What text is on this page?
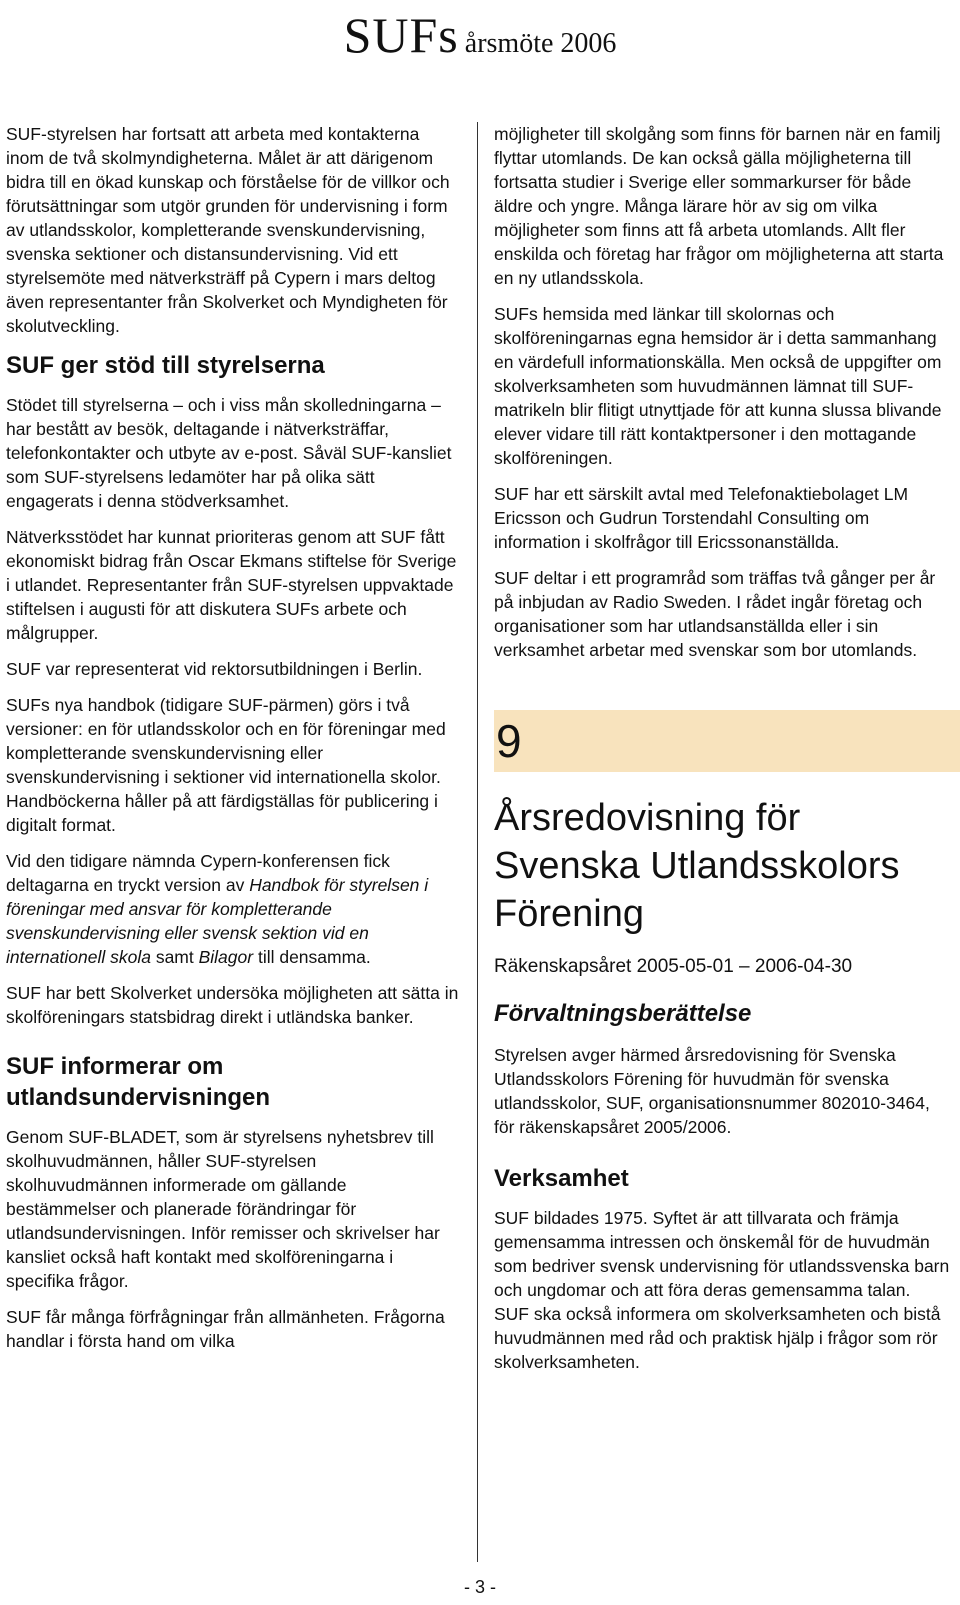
SUFs årsmöte 2006

SUF-styrelsen har fortsatt att arbeta med kontakterna inom de två skolmyndigheterna. Målet är att därigenom bidra till en ökad kunskap och förståelse för de villkor och förutsättningar som utgör grunden för undervisning i form av utlandsskolor, kompletterande svenskundervisning, svenska sektioner och distansundervisning. Vid ett styrelsemöte med nätverksträff på Cypern i mars deltog även representanter från Skolverket och Myndigheten för skolutveckling.

SUF ger stöd till styrelserna

Stödet till styrelserna – och i viss mån skolledningarna – har bestått av besök, deltagande i nätverksträffar, telefonkontakter och utbyte av e-post. Såväl SUF-kansliet som SUF-styrelsens ledamöter har på olika sätt engagerats i denna stödverksamhet.

Nätverksstödet har kunnat prioriteras genom att SUF fått ekonomiskt bidrag från Oscar Ekmans stiftelse för Sverige i utlandet. Representanter från SUF-styrelsen uppvaktade stiftelsen i augusti för att diskutera SUFs arbete och målgrupper.

SUF var representerat vid rektorsutbildningen i Berlin.

SUFs nya handbok (tidigare SUF-pärmen) görs i två versioner: en för utlandsskolor och en för föreningar med kompletterande svenskundervisning eller svenskundervisning i sektioner vid internationella skolor. Handböckerna håller på att färdigställas för publicering i digitalt format.

Vid den tidigare nämnda Cypern-konferensen fick deltagarna en tryckt version av Handbok för styrelsen i föreningar med ansvar för kompletterande svenskundervisning eller svensk sektion vid en internationell skola samt Bilagor till densamma.

SUF har bett Skolverket undersöka möjligheten att sätta in skolföreningars statsbidrag direkt i utländska banker.

SUF informerar om utlandsundervisningen

Genom SUF-BLADET, som är styrelsens nyhetsbrev till skolhuvudmännen, håller SUF-styrelsen skolhuvudmännen informerade om gällande bestämmelser och planerade förändringar för utlandsundervisningen. Inför remisser och skrivelser har kansliet också haft kontakt med skolföreningarna i specifika frågor.

SUF får många förfrågningar från allmänheten. Frågorna handlar i första hand om vilka

möjligheter till skolgång som finns för barnen när en familj flyttar utomlands. De kan också gälla möjligheterna till fortsatta studier i Sverige eller sommarkurser för både äldre och yngre. Många lärare hör av sig om vilka möjligheter som finns att få arbeta utomlands. Allt fler enskilda och företag har frågor om möjligheterna att starta en ny utlandsskola.

SUFs hemsida med länkar till skolornas och skolföreningarnas egna hemsidor är i detta sammanhang en värdefull informationskälla. Men också de uppgifter om skolverksamheten som huvudmännen lämnat till SUF-matrikeln blir flitigt utnyttjade för att kunna slussa blivande elever vidare till rätt kontaktpersoner i den mottagande skolföreningen.

SUF har ett särskilt avtal med Telefonaktiebolaget LM Ericsson och Gudrun Torstendahl Consulting om information i skolfrågor till Ericssonanställda.

SUF deltar i ett programråd som träffas två gånger per år på inbjudan av Radio Sweden. I rådet ingår företag och organisationer som har utlandsanställda eller i sin verksamhet arbetar med svenskar som bor utomlands.

9
Årsredovisning för Svenska Utlandsskolors Förening
Räkenskapsåret 2005-05-01 – 2006-04-30
Förvaltningsberättelse

Styrelsen avger härmed årsredovisning för Svenska Utlandsskolors Förening för huvudmän för svenska utlandsskolor, SUF, organisationsnummer 802010-3464, för räkenskapsåret 2005/2006.

Verksamhet

SUF bildades 1975. Syftet är att tillvarata och främja gemensamma intressen och önskemål för de huvudmän som bedriver svensk undervisning för utlandssvenska barn och ungdomar och att föra deras gemensamma talan. SUF ska också informera om skolverksamheten och bistå huvudmännen med råd och praktisk hjälp i frågor som rör skolverksamheten.

- 3 -
